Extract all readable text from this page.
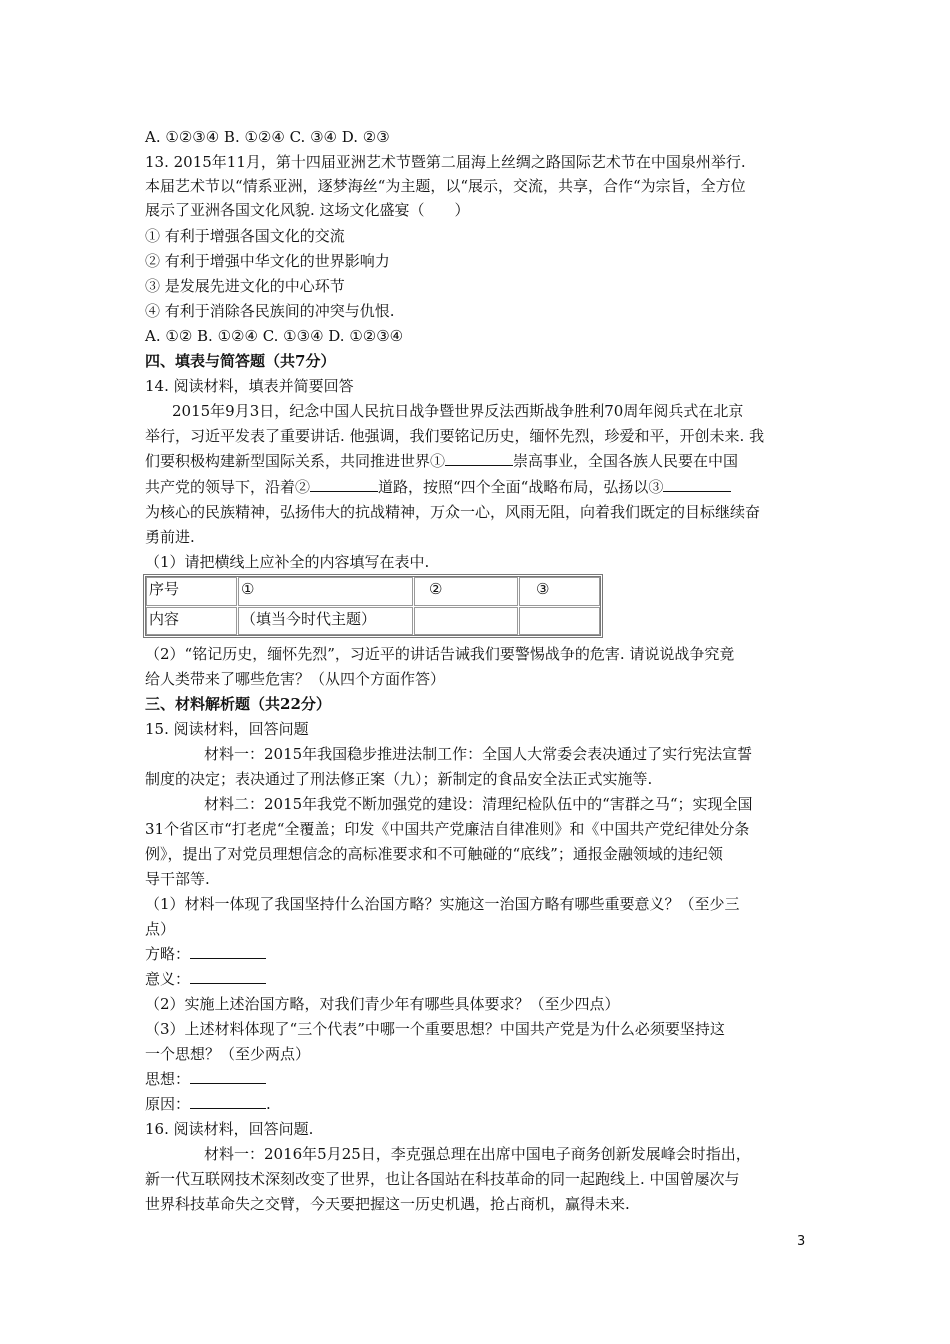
A. ①②③④ B. ①②④ C. ③④ D. ②③
13. 2015年11月，第十四届亚洲艺术节暨第二届海上丝绸之路国际艺术节在中国泉州举行.
本届艺术节以“情系亚洲，逐梦海丝“为主题，以“展示，交流，共享，合作“为宗旨，全方位
展示了亚洲各国文化风貌. 这场文化盛宴（　　）
① 有利于增强各国文化的交流
② 有利于增强中华文化的世界影响力
③ 是发展先进文化的中心环节
④ 有利于消除各民族间的冲突与仇恨.
A. ①② B. ①②④ C. ①③④ D. ①②③④
四、填表与简答题（共7分）
14. 阅读材料，填表并简要回答
2015年9月3日，纪念中国人民抗日战争暨世界反法西斯战争胜利70周年阅兵式在北京
举行，习近平发表了重要讲话. 他强调，我们要铭记历史，缅怀先烈，珍爱和平，开创未来. 我
们要积极构建新型国际关系，共同推进世界①	崇高事业，全国各族人民要在中国
共产党的领导下，沿着②	道路，按照“四个全面“战略布局，弘扬以③
为核心的民族精神，弘扬伟大的抗战精神，万众一心，风雨无阻，向着我们既定的目标继续奋
勇前进.
（1）请把横线上应补全的内容填写在表中.
序号	①	②	③
内容	（填当今时代主题）
（2）“铭记历史，缅怀先烈”，习近平的讲话告诫我们要警惕战争的危害. 请说说战争究竟
给人类带来了哪些危害？（从四个方面作答）
三、材料解析题（共22分）
15. 阅读材料，回答问题
材料一：2015年我国稳步推进法制工作：全国人大常委会表决通过了实行宪法宣誓
制度的决定；表决通过了刑法修正案（九）；新制定的食品安全法正式实施等.
材料二：2015年我党不断加强党的建设：清理纪检队伍中的“害群之马“；实现全国
31个省区市“打老虎“全覆盖；印发《中国共产党廉洁自律准则》和《中国共产党纪律处分条
例》，提出了对党员理想信念的高标准要求和不可触碰的“底线”；通报金融领域的违纪领
导干部等.
（1）材料一体现了我国坚持什么治国方略？实施这一治国方略有哪些重要意义？（至少三
点）
方略：
意义：
（2）实施上述治国方略，对我们青少年有哪些具体要求？（至少四点）
（3）上述材料体现了“三个代表”中哪一个重要思想？中国共产党是为什么必须要坚持这
一个思想？（至少两点）
思想：
原因：	.
16. 阅读材料，回答问题.
材料一：2016年5月25日，李克强总理在出席中国电子商务创新发展峰会时指出，
新一代互联网技术深刻改变了世界，也让各国站在科技革命的同一起跑线上. 中国曾屡次与
世界科技革命失之交臂，今天要把握这一历史机遇，抢占商机，赢得未来.
3
